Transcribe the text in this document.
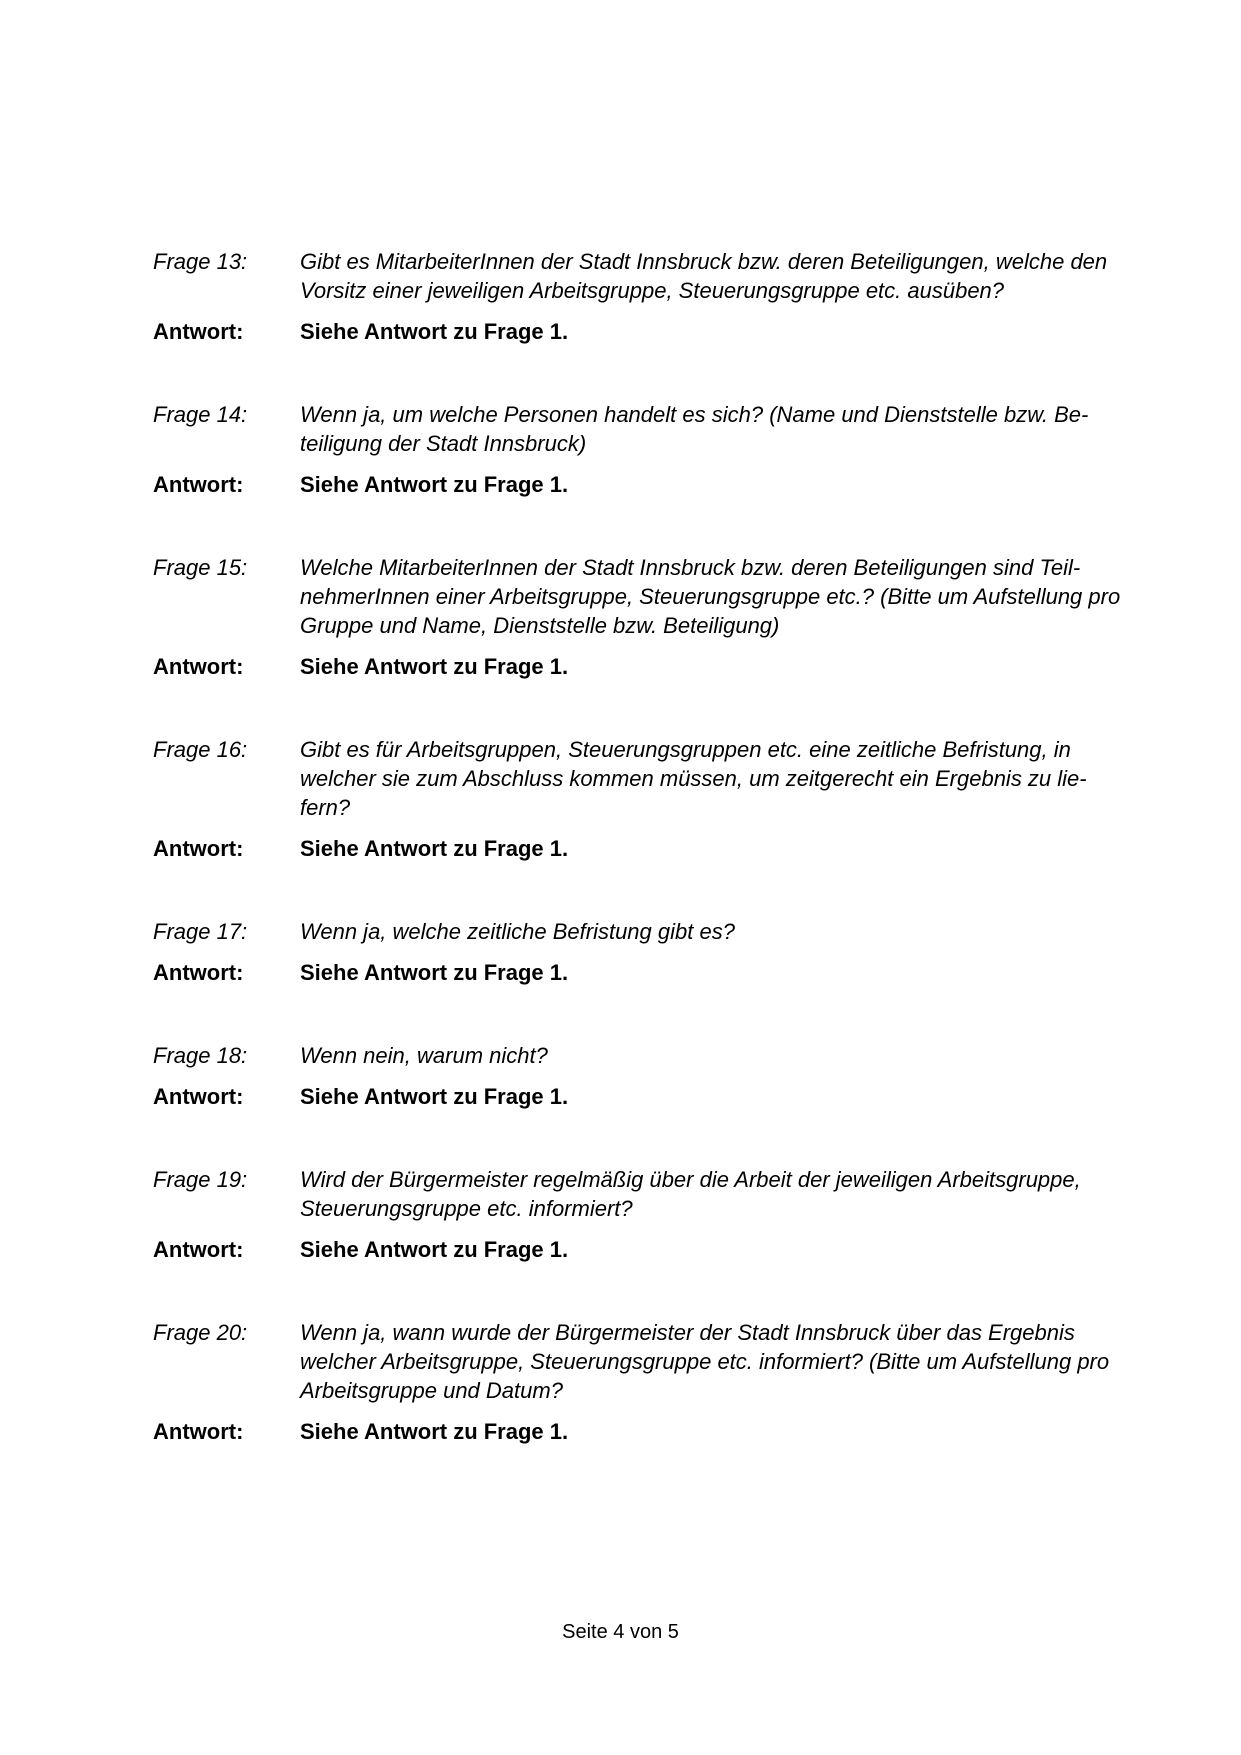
Frage 13:	Gibt es MitarbeiterInnen der Stadt Innsbruck bzw. deren Beteiligungen, welche den Vorsitz einer jeweiligen Arbeitsgruppe, Steuerungsgruppe etc. ausüben?
Antwort:	Siehe Antwort zu Frage 1.
Frage 14:	Wenn ja, um welche Personen handelt es sich? (Name und Dienststelle bzw. Beteiligung der Stadt Innsbruck)
Antwort:	Siehe Antwort zu Frage 1.
Frage 15:	Welche MitarbeiterInnen der Stadt Innsbruck bzw. deren Beteiligungen sind TeilnehmerInnen einer Arbeitsgruppe, Steuerungsgruppe etc.? (Bitte um Aufstellung pro Gruppe und Name, Dienststelle bzw. Beteiligung)
Antwort:	Siehe Antwort zu Frage 1.
Frage 16:	Gibt es für Arbeitsgruppen, Steuerungsgruppen etc. eine zeitliche Befristung, in welcher sie zum Abschluss kommen müssen, um zeitgerecht ein Ergebnis zu liefern?
Antwort:	Siehe Antwort zu Frage 1.
Frage 17:	Wenn ja, welche zeitliche Befristung gibt es?
Antwort:	Siehe Antwort zu Frage 1.
Frage 18:	Wenn nein, warum nicht?
Antwort:	Siehe Antwort zu Frage 1.
Frage 19:	Wird der Bürgermeister regelmäßig über die Arbeit der jeweiligen Arbeitsgruppe, Steuerungsgruppe etc. informiert?
Antwort:	Siehe Antwort zu Frage 1.
Frage 20:	Wenn ja, wann wurde der Bürgermeister der Stadt Innsbruck über das Ergebnis welcher Arbeitsgruppe, Steuerungsgruppe etc. informiert? (Bitte um Aufstellung pro Arbeitsgruppe und Datum?
Antwort:	Siehe Antwort zu Frage 1.
Seite 4 von 5
